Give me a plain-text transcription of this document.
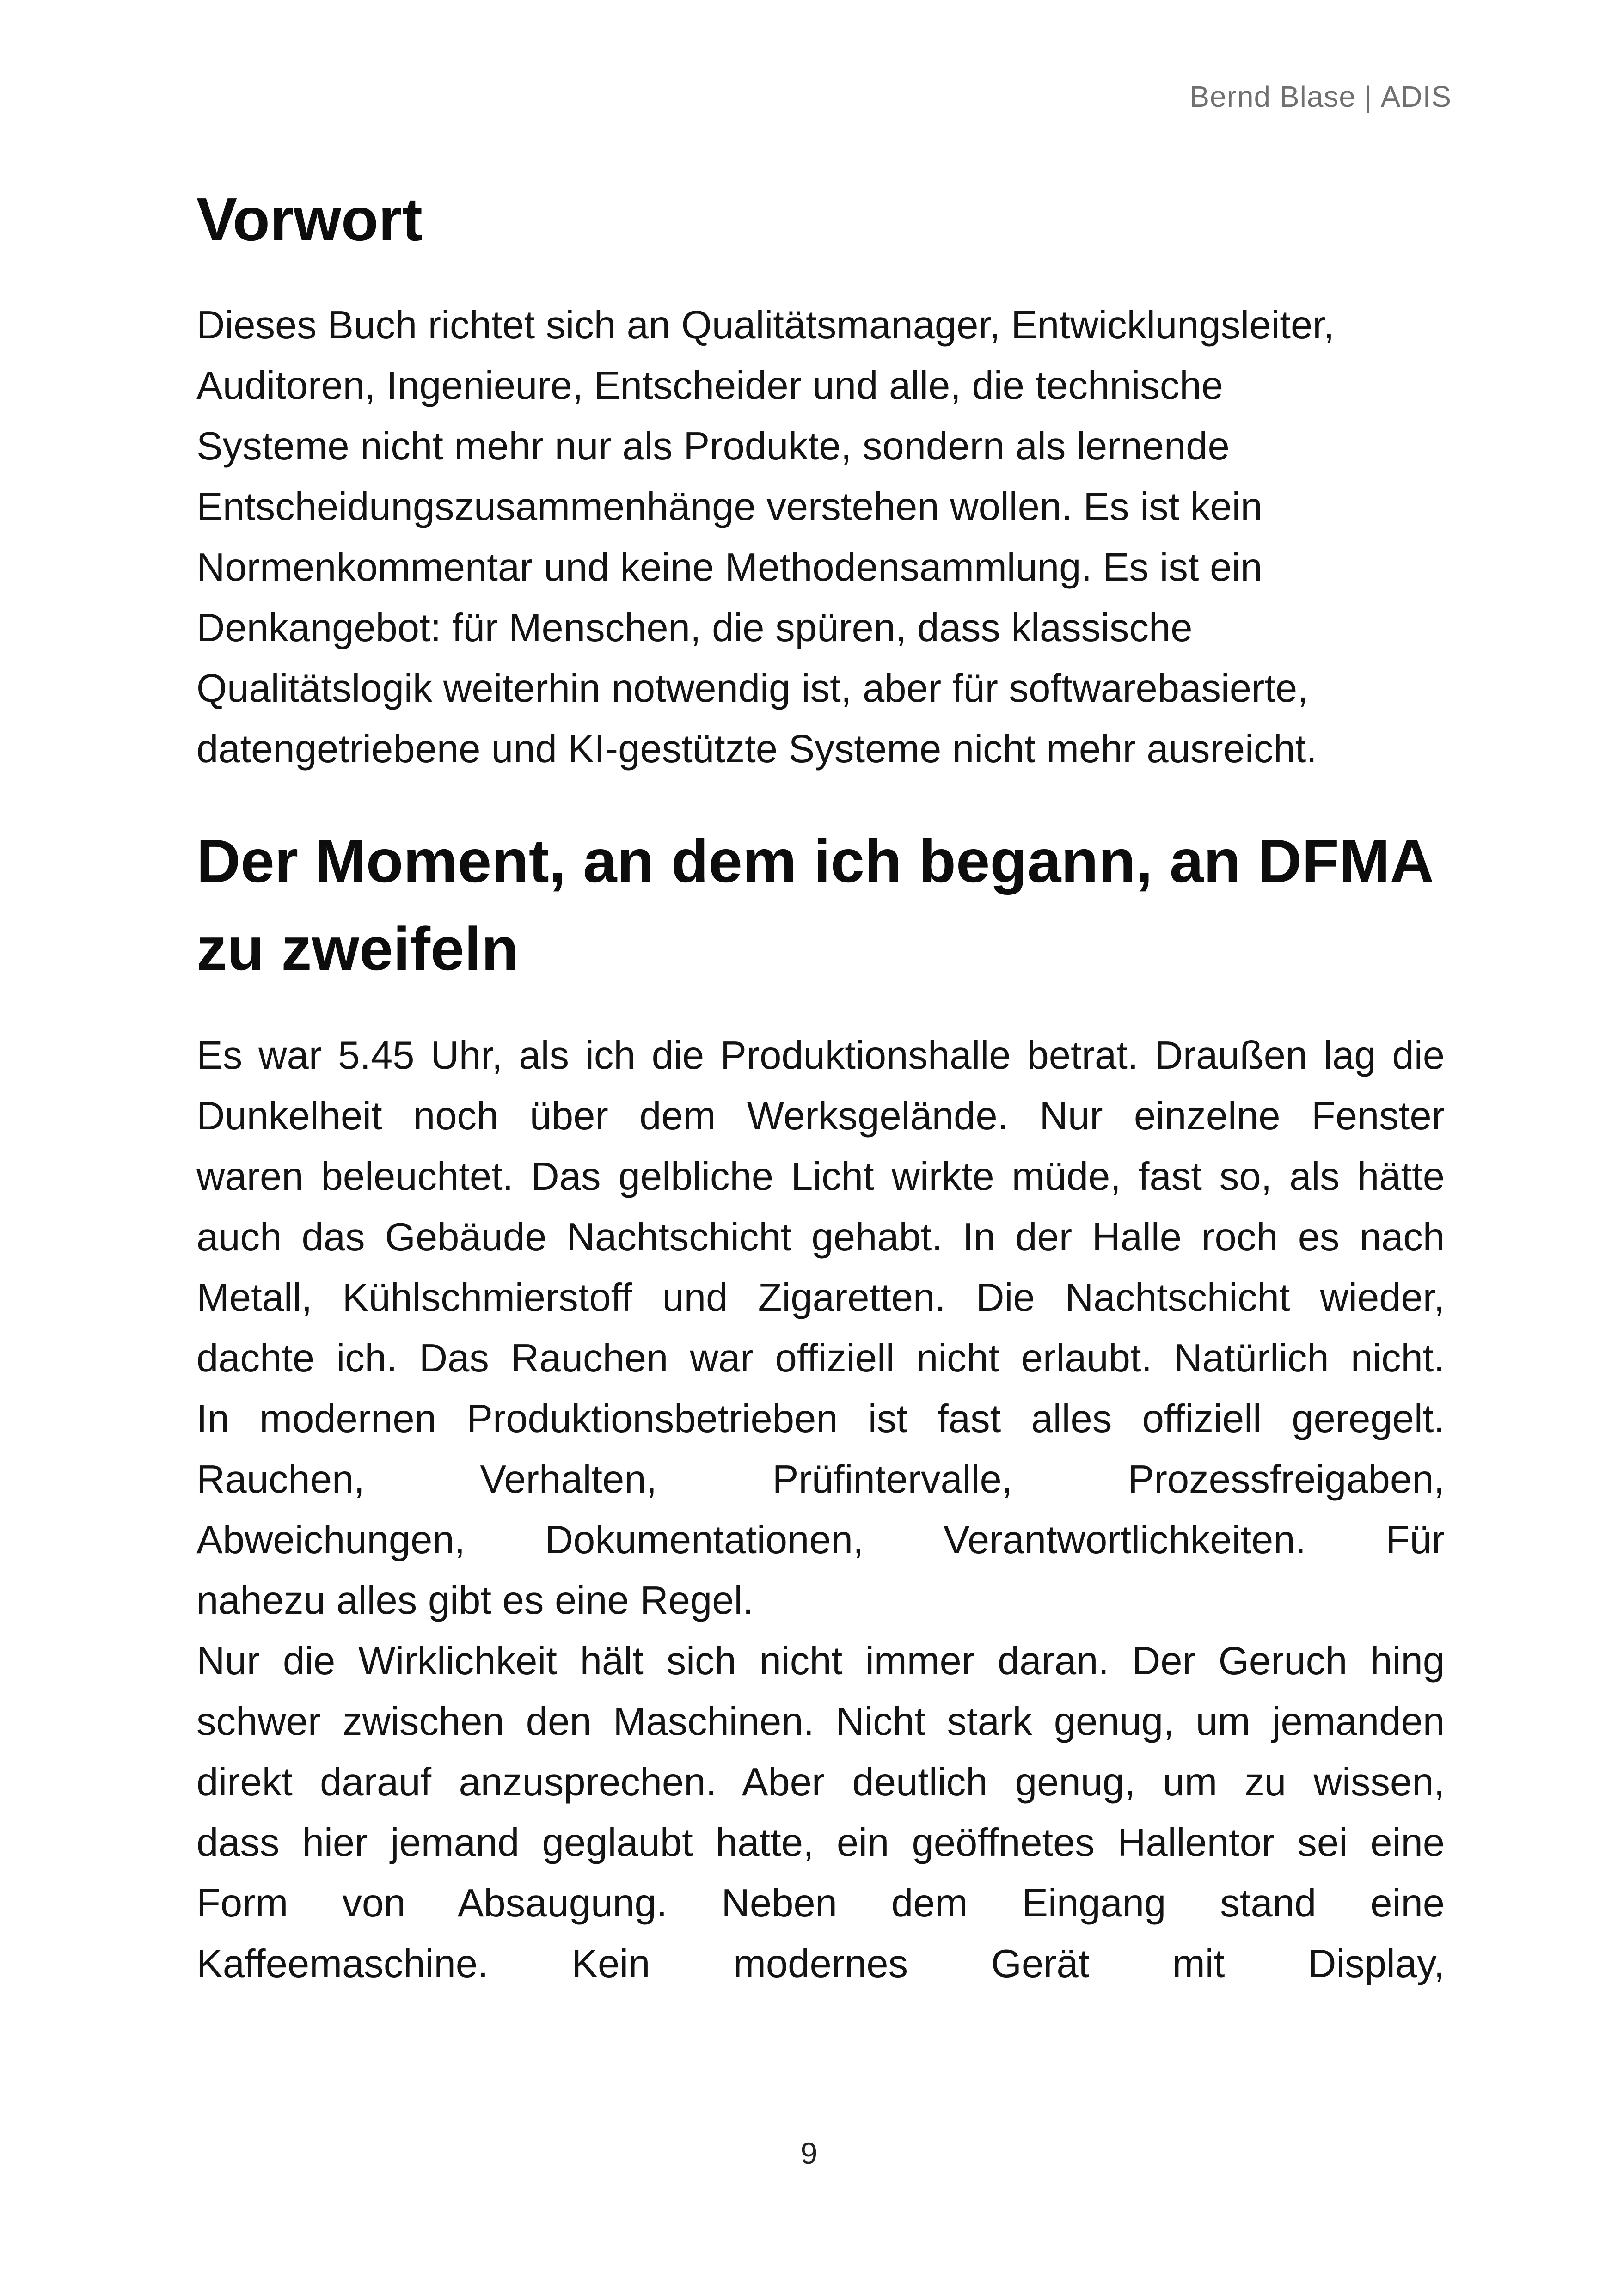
Bernd Blase | ADIS
Vorwort
Dieses Buch richtet sich an Qualitätsmanager, Entwicklungsleiter,
Auditoren, Ingenieure, Entscheider und alle, die technische
Systeme nicht mehr nur als Produkte, sondern als lernende
Entscheidungszusammenhänge verstehen wollen. Es ist kein
Normenkommentar und keine Methodensammlung. Es ist ein
Denkangebot: für Menschen, die spüren, dass klassische
Qualitätslogik weiterhin notwendig ist, aber für softwarebasierte,
datengetriebene und KI-gestützte Systeme nicht mehr ausreicht.
Der Moment, an dem ich begann, an DFMA
zu zweifeln
Es war 5.45 Uhr, als ich die Produktionshalle betrat. Draußen lag die
Dunkelheit noch über dem Werksgelände. Nur einzelne Fenster
waren beleuchtet. Das gelbliche Licht wirkte müde, fast so, als hätte
auch das Gebäude Nachtschicht gehabt. In der Halle roch es nach
Metall, Kühlschmierstoff und Zigaretten. Die Nachtschicht wieder,
dachte ich. Das Rauchen war offiziell nicht erlaubt. Natürlich nicht.
In modernen Produktionsbetrieben ist fast alles offiziell geregelt.
Rauchen, Verhalten, Prüfintervalle, Prozessfreigaben,
Abweichungen, Dokumentationen, Verantwortlichkeiten. Für
nahezu alles gibt es eine Regel.
Nur die Wirklichkeit hält sich nicht immer daran. Der Geruch hing
schwer zwischen den Maschinen. Nicht stark genug, um jemanden
direkt darauf anzusprechen. Aber deutlich genug, um zu wissen,
dass hier jemand geglaubt hatte, ein geöffnetes Hallentor sei eine
Form von Absaugung. Neben dem Eingang stand eine
Kaffeemaschine. Kein modernes Gerät mit Display,
9
